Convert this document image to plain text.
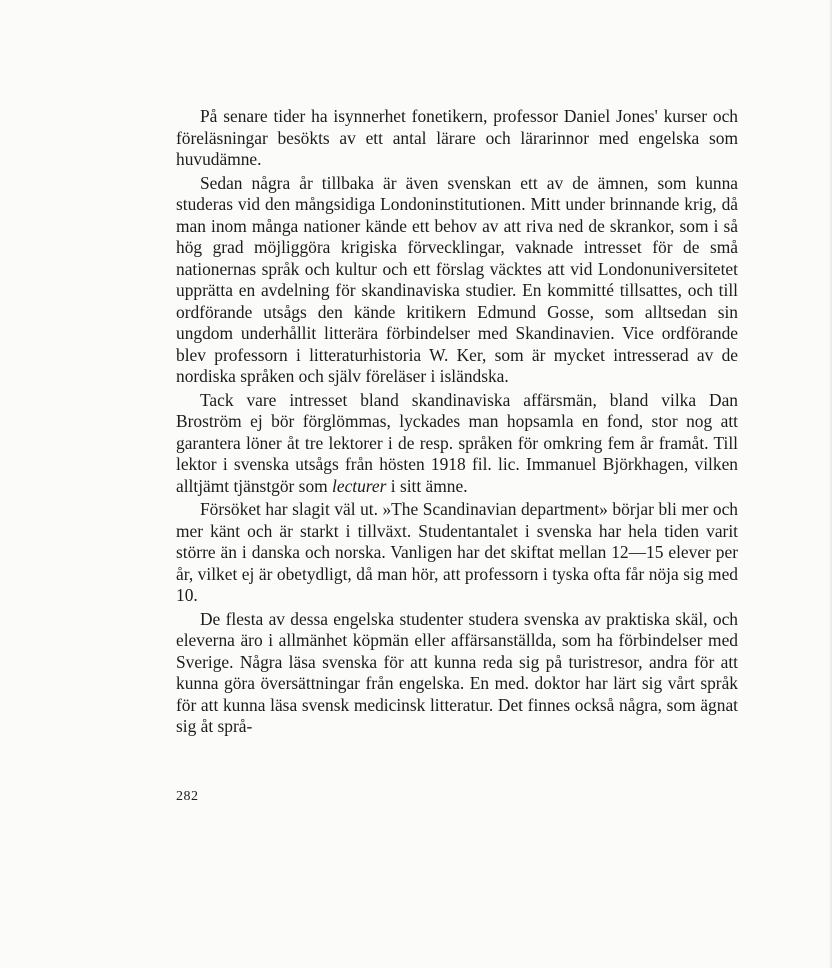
På senare tider ha isynnerhet fonetikern, professor Daniel Jones' kurser och föreläsningar besökts av ett antal lärare och lärarinnor med engelska som huvudämne.

Sedan några år tillbaka är även svenskan ett av de ämnen, som kunna studeras vid den mångsidiga Londoninstitutionen. Mitt under brinnande krig, då man inom många nationer kände ett behov av att riva ned de skrankor, som i så hög grad möjliggöra krigiska förvecklingar, vaknade intresset för de små nationernas språk och kultur och ett förslag väcktes att vid Londonuniversitetet upprätta en avdelning för skandinaviska studier. En kommitté tillsattes, och till ordförande utsågs den kände kritikern Edmund Gosse, som alltsedan sin ungdom underhållit litterära förbindelser med Skandinavien. Vice ordförande blev professorn i litteraturhistoria W. Ker, som är mycket intresserad av de nordiska språken och själv föreläser i isländska.

Tack vare intresset bland skandinaviska affärsmän, bland vilka Dan Broström ej bör förglömmas, lyckades man hopsamla en fond, stor nog att garantera löner åt tre lektorer i de resp. språken för omkring fem år framåt. Till lektor i svenska utsågs från hösten 1918 fil. lic. Immanuel Björkhagen, vilken alltjämt tjänstgör som lecturer i sitt ämne.

Försöket har slagit väl ut. »The Scandinavian department» börjar bli mer och mer känt och är starkt i tillväxt. Studentantalet i svenska har hela tiden varit större än i danska och norska. Vanligen har det skiftat mellan 12—15 elever per år, vilket ej är obetydligt, då man hör, att professorn i tyska ofta får nöja sig med 10.

De flesta av dessa engelska studenter studera svenska av praktiska skäl, och eleverna äro i allmänhet köpmän eller affärsanställda, som ha förbindelser med Sverige. Några läsa svenska för att kunna reda sig på turistresor, andra för att kunna göra översättningar från engelska. En med. doktor har lärt sig vårt språk för att kunna läsa svensk medicinsk litteratur. Det finnes också några, som ägnat sig åt språ-

282
